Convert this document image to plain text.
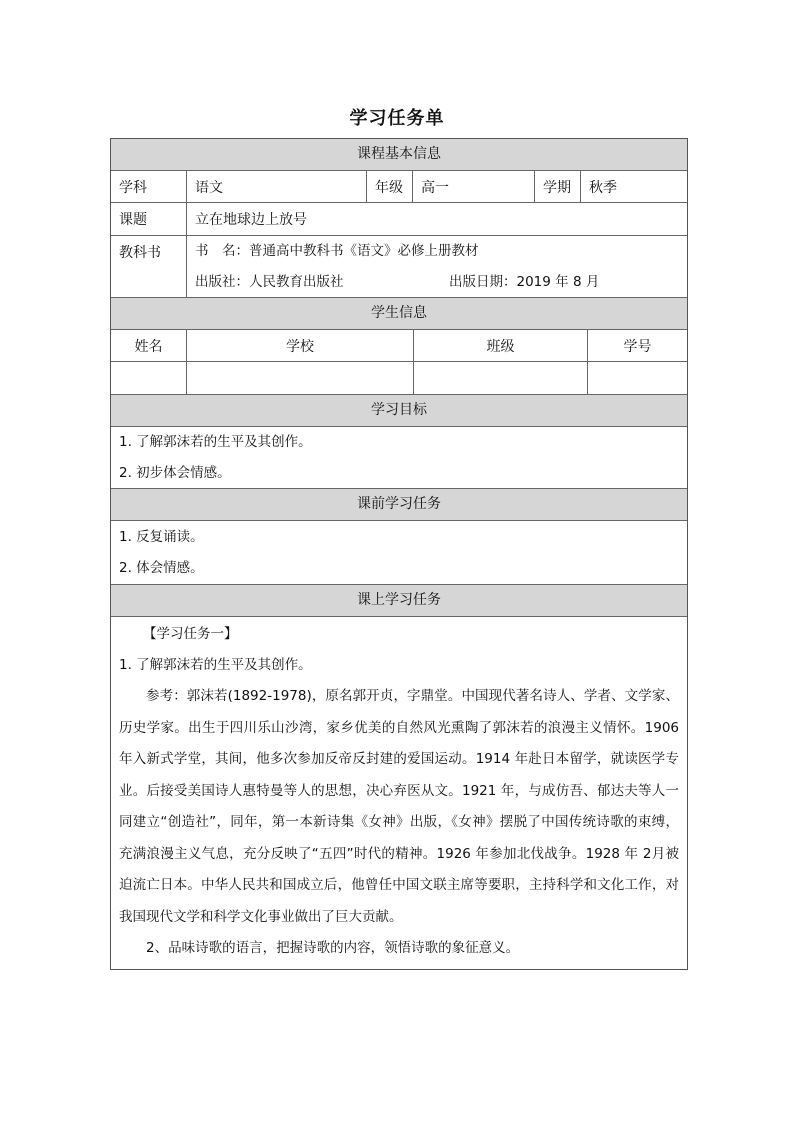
学习任务单
课程基本信息
学科	语文	年级	高一	学期	秋季
课题	立在地球边上放号
教科书	书　名：普通高中教科书《语文》必修上册教材
出版社：人民教育出版社	出版日期：2019 年 8 月
学生信息
姓名	学校	班级	学号
学习目标
1. 了解郭沫若的生平及其创作。
2. 初步体会情感。
课前学习任务
1. 反复诵读。
2. 体会情感。
课上学习任务
【学习任务一】
1. 了解郭沫若的生平及其创作。
参考：郭沫若(1892-1978)，原名郭开贞，字鼎堂。中国现代著名诗人、学者、文学家、历史学家。出生于四川乐山沙湾，家乡优美的自然风光熏陶了郭沫若的浪漫主义情怀。1906年入新式学堂，其间，他多次参加反帝反封建的爱国运动。1914 年赴日本留学，就读医学专业。后接受美国诗人惠特曼等人的思想，决心弃医从文。1921 年，与成仿吾、郁达夫等人一同建立“创造社”，同年，第一本新诗集《女神》出版，《女神》摆脱了中国传统诗歌的束缚，充满浪漫主义气息，充分反映了“五四”时代的精神。1926 年参加北伐战争。1928 年 2月被迫流亡日本。中华人民共和国成立后，他曾任中国文联主席等要职，主持科学和文化工作，对我国现代文学和科学文化事业做出了巨大贡献。
2、品味诗歌的语言，把握诗歌的内容，领悟诗歌的象征意义。
